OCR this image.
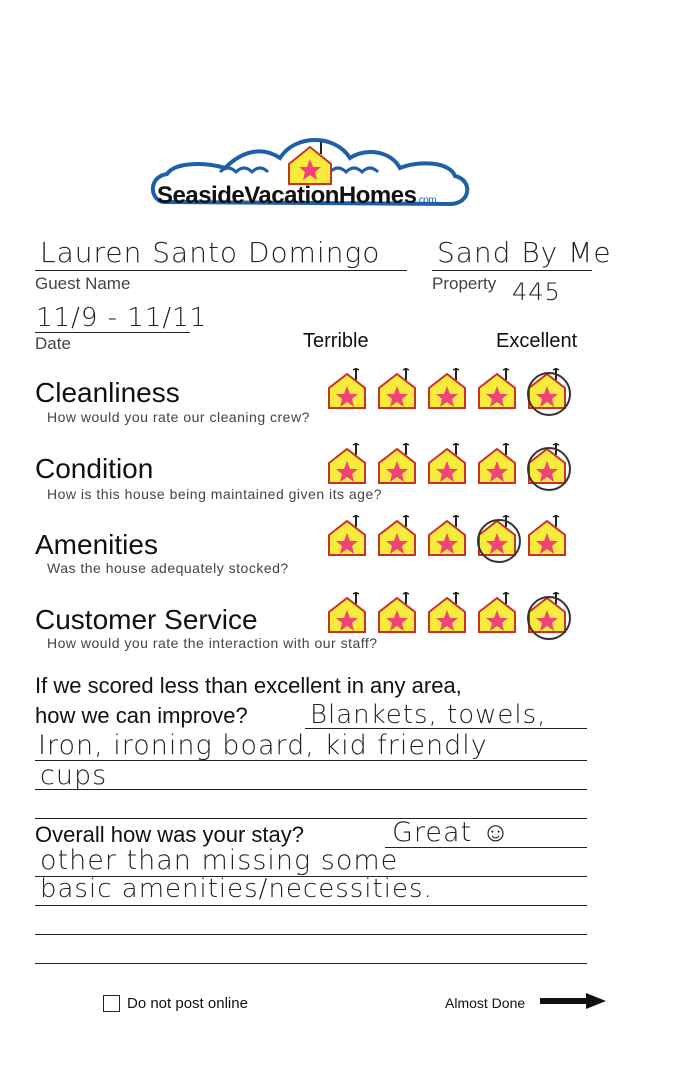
SeasideVacationHomes.com
Lauren Santo Domingo
Guest Name
Sand By Me
Property 445
11/9 - 11/11
Date	Terrible	Excellent
Cleanliness
How would you rate our cleaning crew?
Condition
How is this house being maintained given its age?
Amenities
Was the house adequately stocked?
Customer Service
How would you rate the interaction with our staff?
If we scored less than excellent in any area,
how we can improve? Blankets, towels,
Iron, ironing board, kid friendly
cups
Overall how was your stay?	Great ☺
other than missing some
basic amenities/necessities.
Do not post online	Almost Done
